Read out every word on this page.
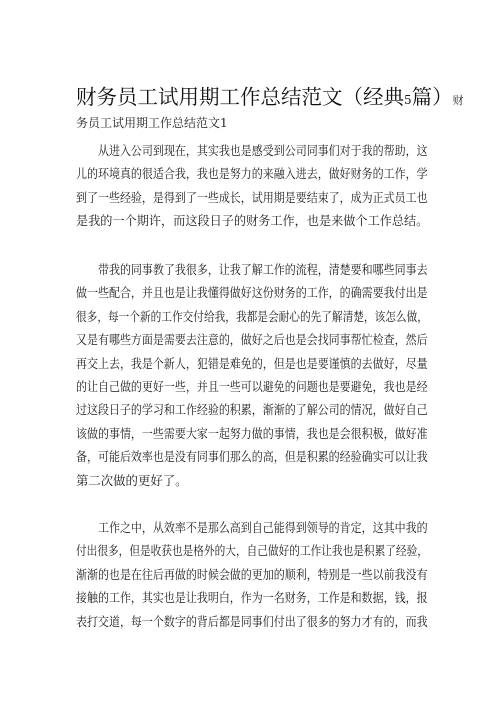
财务员工试用期工作总结范文（经典5篇）财
务员工试用期工作总结范文1
　　从进入公司到现在，其实我也是感受到公司同事们对于我的帮助，这
儿的环境真的很适合我，我也是努力的来融入进去，做好财务的工作，学
到了一些经验，是得到了一些成长，试用期是要结束了，成为正式员工也
是我的一个期许，而这段日子的财务工作，也是来做个工作总结。
　　带我的同事教了我很多，让我了解工作的流程，清楚要和哪些同事去
做一些配合，并且也是让我懂得做好这份财务的工作，的确需要我付出是
很多，每一个新的工作交付给我，我都是会耐心的先了解清楚，该怎么做，
又是有哪些方面是需要去注意的，做好之后也是会找同事帮忙检查，然后
再交上去，我是个新人，犯错是难免的，但是也是要谨慎的去做好，尽量
的让自己做的更好一些，并且一些可以避免的问题也是要避免，我也是经
过这段日子的学习和工作经验的积累，渐渐的了解公司的情况，做好自己
该做的事情，一些需要大家一起努力做的事情，我也是会很积极，做好准
备，可能后效率也是没有同事们那么的高，但是积累的经验确实可以让我
第二次做的更好了。
　　工作之中，从效率不是那么高到自己能得到领导的肯定，这其中我的
付出很多，但是收获也是格外的大，自己做好的工作让我也是积累了经验，
渐渐的也是在往后再做的时候会做的更加的顺利，特别是一些以前我没有
接触的工作，其实也是让我明白，作为一名财务，工作是和数据，钱，报
表打交道，每一个数字的背后都是同事们付出了很多的努力才有的，而我
